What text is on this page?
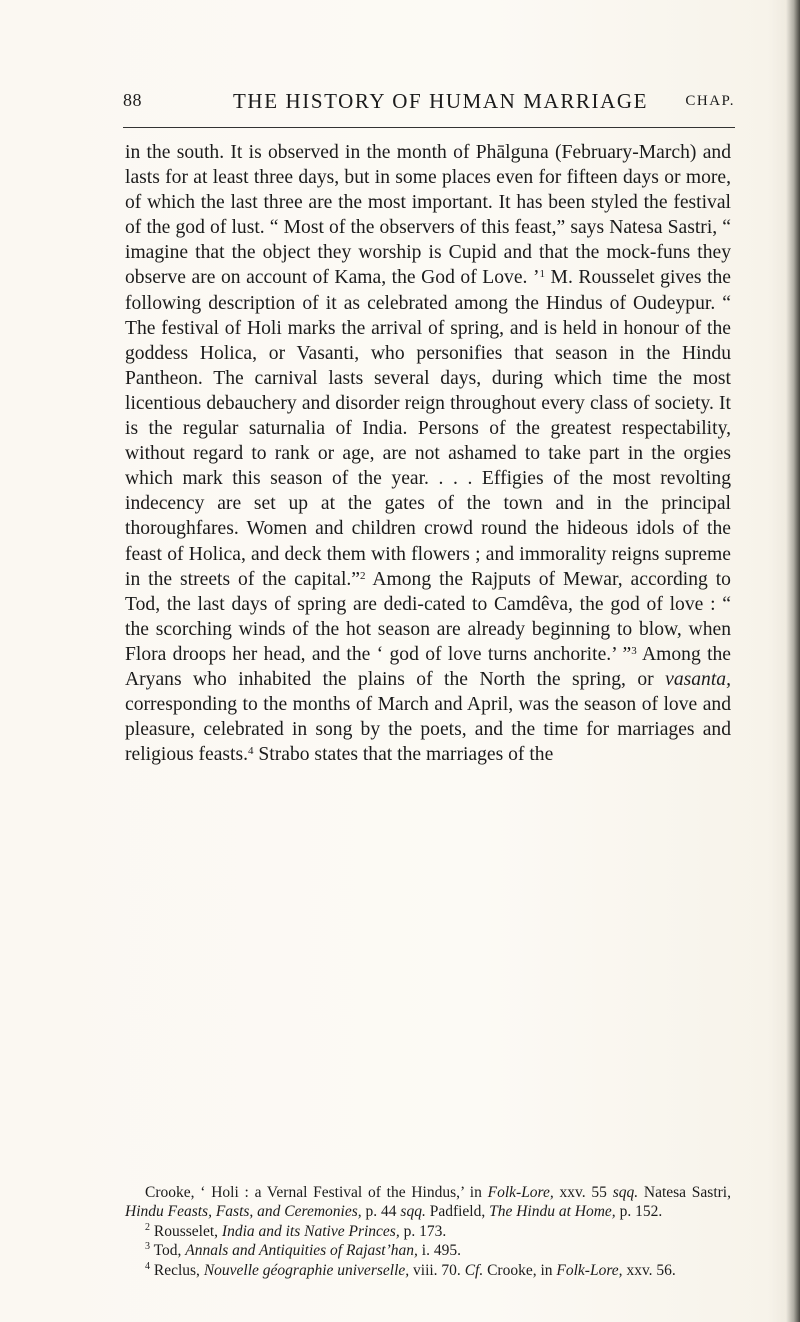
88	THE HISTORY OF HUMAN MARRIAGE CHAP.

in the south. It is observed in the month of Phālguna (February-March) and lasts for at least three days, but in some places even for fifteen days or more, of which the last three are the most important. It has been styled the festival of the god of lust. “ Most of the observers of this feast,” says Natesa Sastri, “ imagine that the object they worship is Cupid and that the mock-funs they observe are on account of Kama, the God of Love. ’$^1$ M. Rousselet gives the following description of it as celebrated among the Hindus of Oudeypur. “ The festival of Holi marks the arrival of spring, and is held in honour of the goddess Holica, or Vasanti, who personifies that season in the Hindu Pantheon. The carnival lasts several days, during which time the most licentious debauchery and disorder reign throughout every class of society. It is the regular saturnalia of India. Persons of the greatest respectability, without regard to rank or age, are not ashamed to take part in the orgies which mark this season of the year. . . . Effigies of the most revolting indecency are set up at the gates of the town and in the principal thoroughfares. Women and children crowd round the hideous idols of the feast of Holica, and deck them with flowers ; and immorality reigns supreme in the streets of the capital.”$^2$ Among the Rajputs of Mewar, according to Tod, the last days of spring are dedi-cated to Camdêva, the god of love : “ the scorching winds of the hot season are already beginning to blow, when Flora droops her head, and the ‘ god of love turns anchorite.’ ”$^3$ Among the Aryans who inhabited the plains of the North the spring, or vasanta, corresponding to the months of March and April, was the season of love and pleasure, celebrated in song by the poets, and the time for marriages and religious feasts.$^4$ Strabo states that the marriages of the

Crooke, ‘ Holi : a Vernal Festival of the Hindus,’ in Folk-Lore, xxv. 55 sqq. Natesa Sastri, Hindu Feasts, Fasts, and Ceremonies, p. 44 sqq. Padfield, The Hindu at Home, p. 152.

$^2$ Rousselet, India and its Native Princes, p. 173.

$^3$ Tod, Annals and Antiquities of Rajast’han, i. 495.

$^4$ Reclus, Nouvelle géographie universelle, viii. 70. Cf. Crooke, in Folk-Lore, xxv. 56.
